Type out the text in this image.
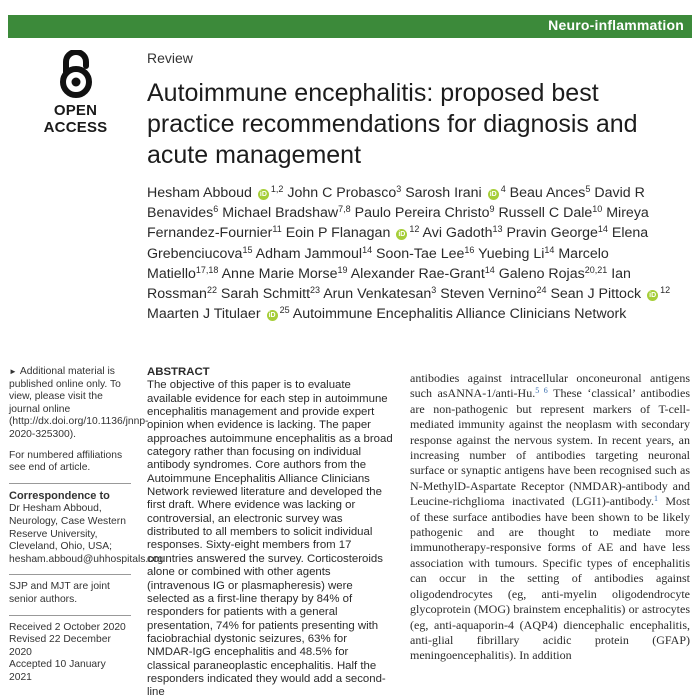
Neuro-inflammation
OPEN ACCESS
Review
Autoimmune encephalitis: proposed best practice recommendations for diagnosis and acute management
Hesham Abboud iD$^{1,2}$ John C Probasco$^3$ Sarosh Irani $iD^4$ Beau Ances$^5$ David R Benavides$^6$ Michael Bradshaw$^{7,8}$ Paulo Pereira Christo$^9$ Russell C Dale$^{10}$ Mireya Fernandez-Fournier$^{11}$ Eoin P Flanagan $iD^{12}$ Avi Gadoth$^{13}$ Pravin George$^{14}$ Elena Grebenciucova$^{15}$ Adham Jammoul$^{14}$ Soon-Tae Lee$^{16}$ Yuebing Li$^{14}$ Marcelo Matiello$^{17,18}$ Anne Marie Morse$^{19}$ Alexander Rae-Grant$^{14}$ Galeno Rojas$^{20,21}$ Ian Rossman$^{22}$ Sarah Schmitt$^{23}$ Arun Venkatesan$^3$ Steven Vernino$^{24}$ Sean J Pittock $iD^{12}$ Maarten J Titulaer $iD^{25}$ Autoimmune Encephalitis Alliance Clinicians Network

► Additional material is published online only. To view, please visit the journal online (http://dx.doi.org/10.1136/jnnp-2020-325300).

For numbered affiliations see end of article.

Correspondence to

Dr Hesham Abboud, Neurology, Case Western Reserve University, Cleveland, Ohio, USA; hesham.abboud@uhhospitals.org

SJP and MJT are joint senior authors.

Received 2 October 2020
Revised 22 December 2020
Accepted 10 January 2021
ABSTRACT

The objective of this paper is to evaluate available evidence for each step in autoimmune encephalitis management and provide expert opinion when evidence is lacking. The paper approaches autoimmune encephalitis as a broad category rather than focusing on individual antibody syndromes. Core authors from the Autoimmune Encephalitis Alliance Clinicians Network reviewed literature and developed the first draft. Where evidence was lacking or controversial, an electronic survey was distributed to all members to solicit individual responses. Sixty-eight members from 17 countries answered the survey. Corticosteroids alone or combined with other agents (intravenous IG or plasmapheresis) were selected as a first-line therapy by 84% of responders for patients with a general presentation, 74% for patients presenting with faciobrachial dystonic seizures, 63% for NMDAR-IgG encephalitis and 48.5% for classical paraneoplastic encephalitis. Half the responders indicated they would add a second-line

antibodies against intracellular onconeuronal antigens such asANNA-1/anti-Hu.$^{5 6}$ These ‘classical’ antibodies are non-pathogenic but represent markers of T-cell-mediated immunity against the neoplasm with secondary response against the nervous system. In recent years, an increasing number of antibodies targeting neuronal surface or synaptic antigens have been recognised such as N-MethylD-Aspartate Receptor (NMDAR)-antibody and Leucine-richglioma inactivated (LGI1)-antibody.$^1$ Most of these surface antibodies have been shown to be likely pathogenic and are thought to mediate more immunotherapy-responsive forms of AE and have less association with tumours. Specific types of encephalitis can occur in the setting of antibodies against oligodendrocytes (eg, anti-myelin oligodendrocyte glycoprotein (MOG) brainstem encephalitis) or astrocytes (eg, anti-aquaporin-4 (AQP4) diencephalic encephalitis, anti-glial fibrillary acidic protein (GFAP) meningoencephalitis). In addition
